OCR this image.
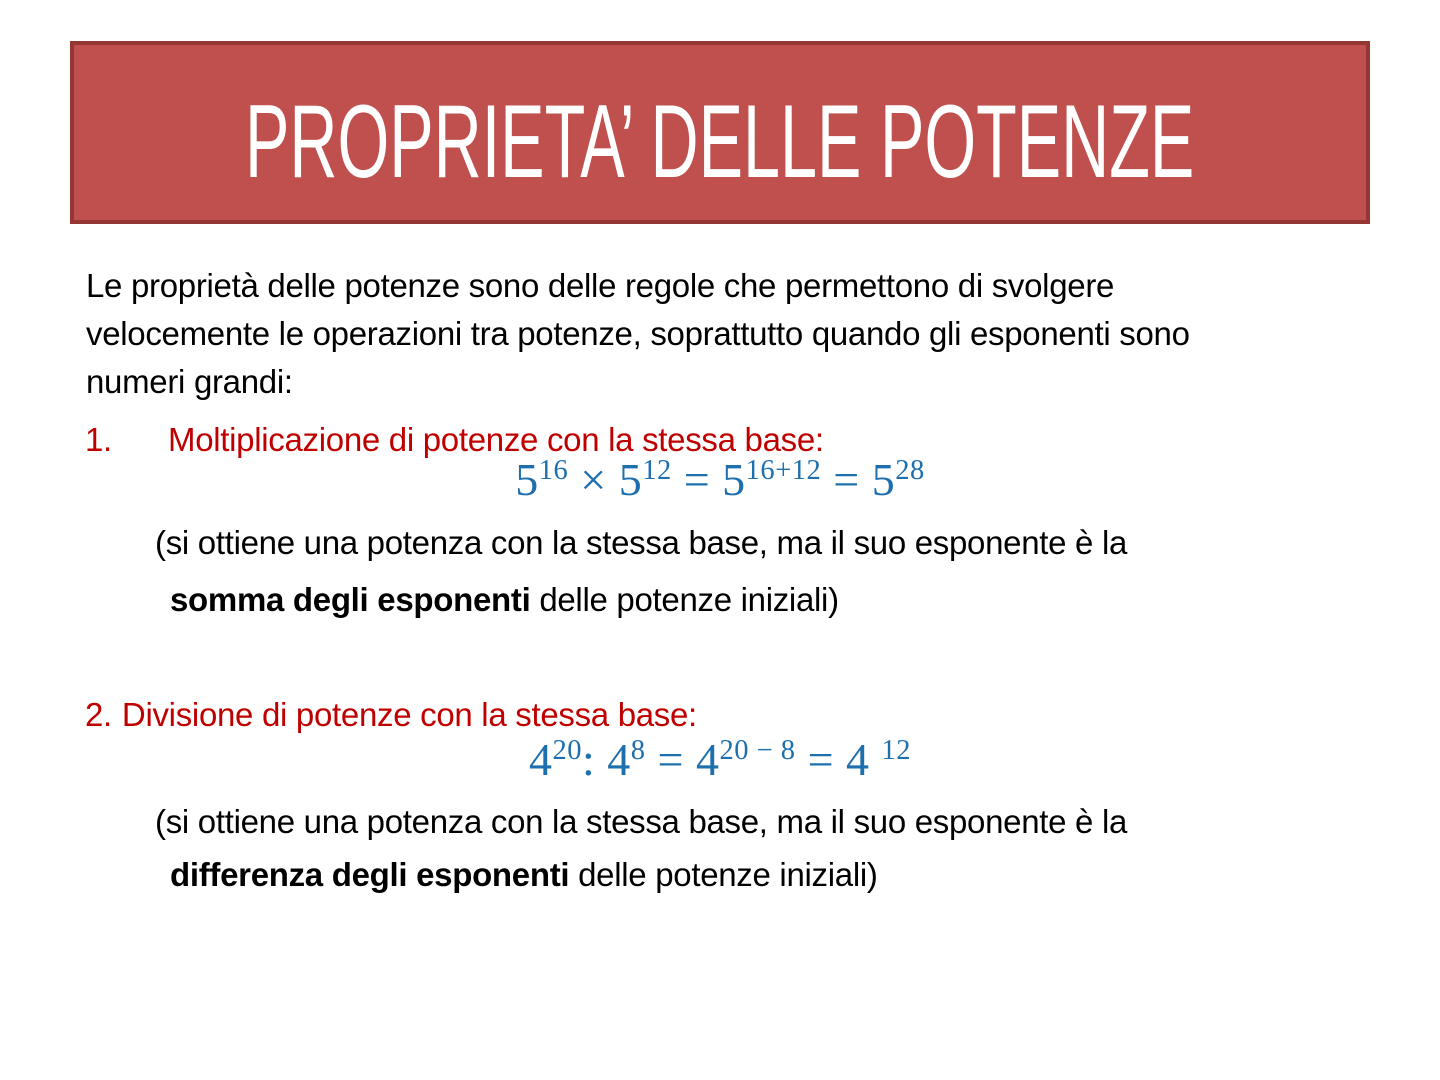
PROPRIETA’ DELLE POTENZE
Le proprietà delle potenze sono delle regole che permettono di svolgere
velocemente le operazioni tra potenze, soprattutto quando gli esponenti sono
numeri grandi:
1. Moltiplicazione di potenze con la stessa base:
$5^{16} \times 5^{12} = 5^{16+12} = 5^{28}$
(si ottiene una potenza con la stessa base, ma il suo esponente è la
somma degli esponenti delle potenze iniziali)
2. Divisione di potenze con la stessa base:
$4^{20}$: $4^8 = 4^{20 - 8} = 4$ $^{12}$
(si ottiene una potenza con la stessa base, ma il suo esponente è la
differenza degli esponenti delle potenze iniziali)
